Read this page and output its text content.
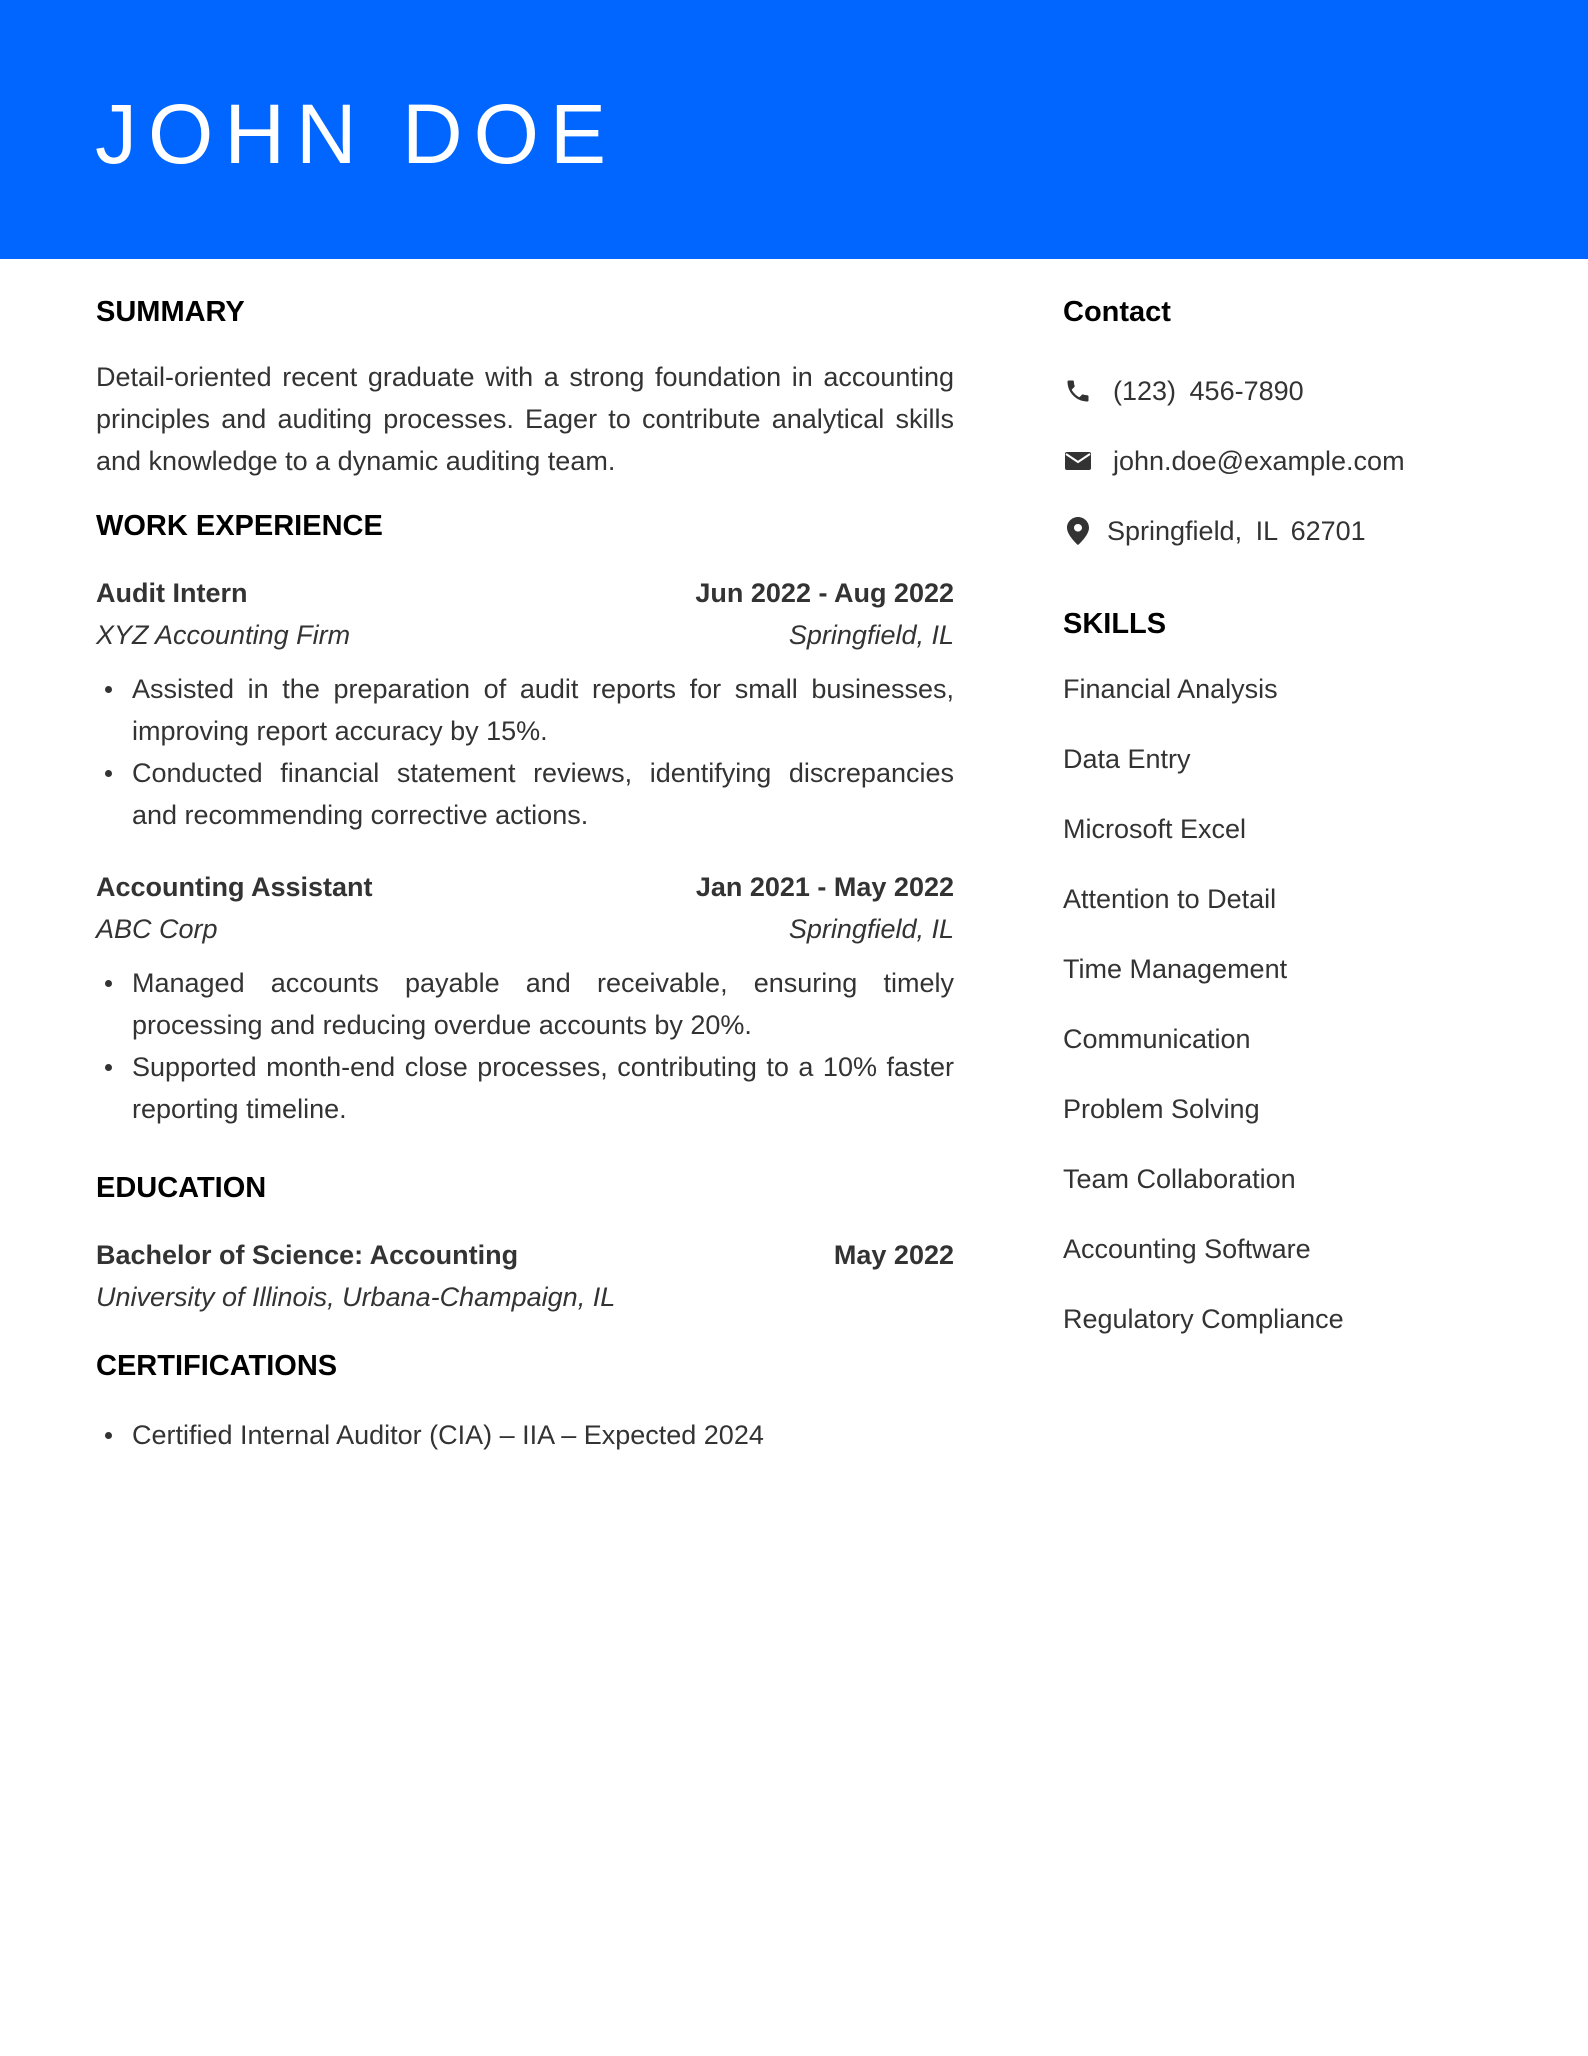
JOHN DOE
SUMMARY

Detail-oriented recent graduate with a strong foundation in accounting principles and auditing processes. Eager to contribute analytical skills and knowledge to a dynamic auditing team.

WORK EXPERIENCE
Audit Intern	Jun 2022 - Aug 2022
XYZ Accounting Firm	Springfield, IL
Assisted in the preparation of audit reports for small businesses, improving report accuracy by 15%.
Conducted financial statement reviews, identifying discrepancies and recommending corrective actions.
Accounting Assistant	Jan 2021 - May 2022
ABC Corp	Springfield, IL
Managed accounts payable and receivable, ensuring timely processing and reducing overdue accounts by 20%.
Supported month-end close processes, contributing to a 10% faster reporting timeline.
EDUCATION
Bachelor of Science: Accounting	May 2022
University of Illinois, Urbana-Champaign, IL
CERTIFICATIONS
Certified Internal Auditor (CIA) – IIA – Expected 2024
Contact
(123) 456-7890
john.doe@example.com
Springfield, IL 62701
SKILLS

Financial Analysis

Data Entry

Microsoft Excel

Attention to Detail

Time Management

Communication

Problem Solving

Team Collaboration

Accounting Software

Regulatory Compliance
